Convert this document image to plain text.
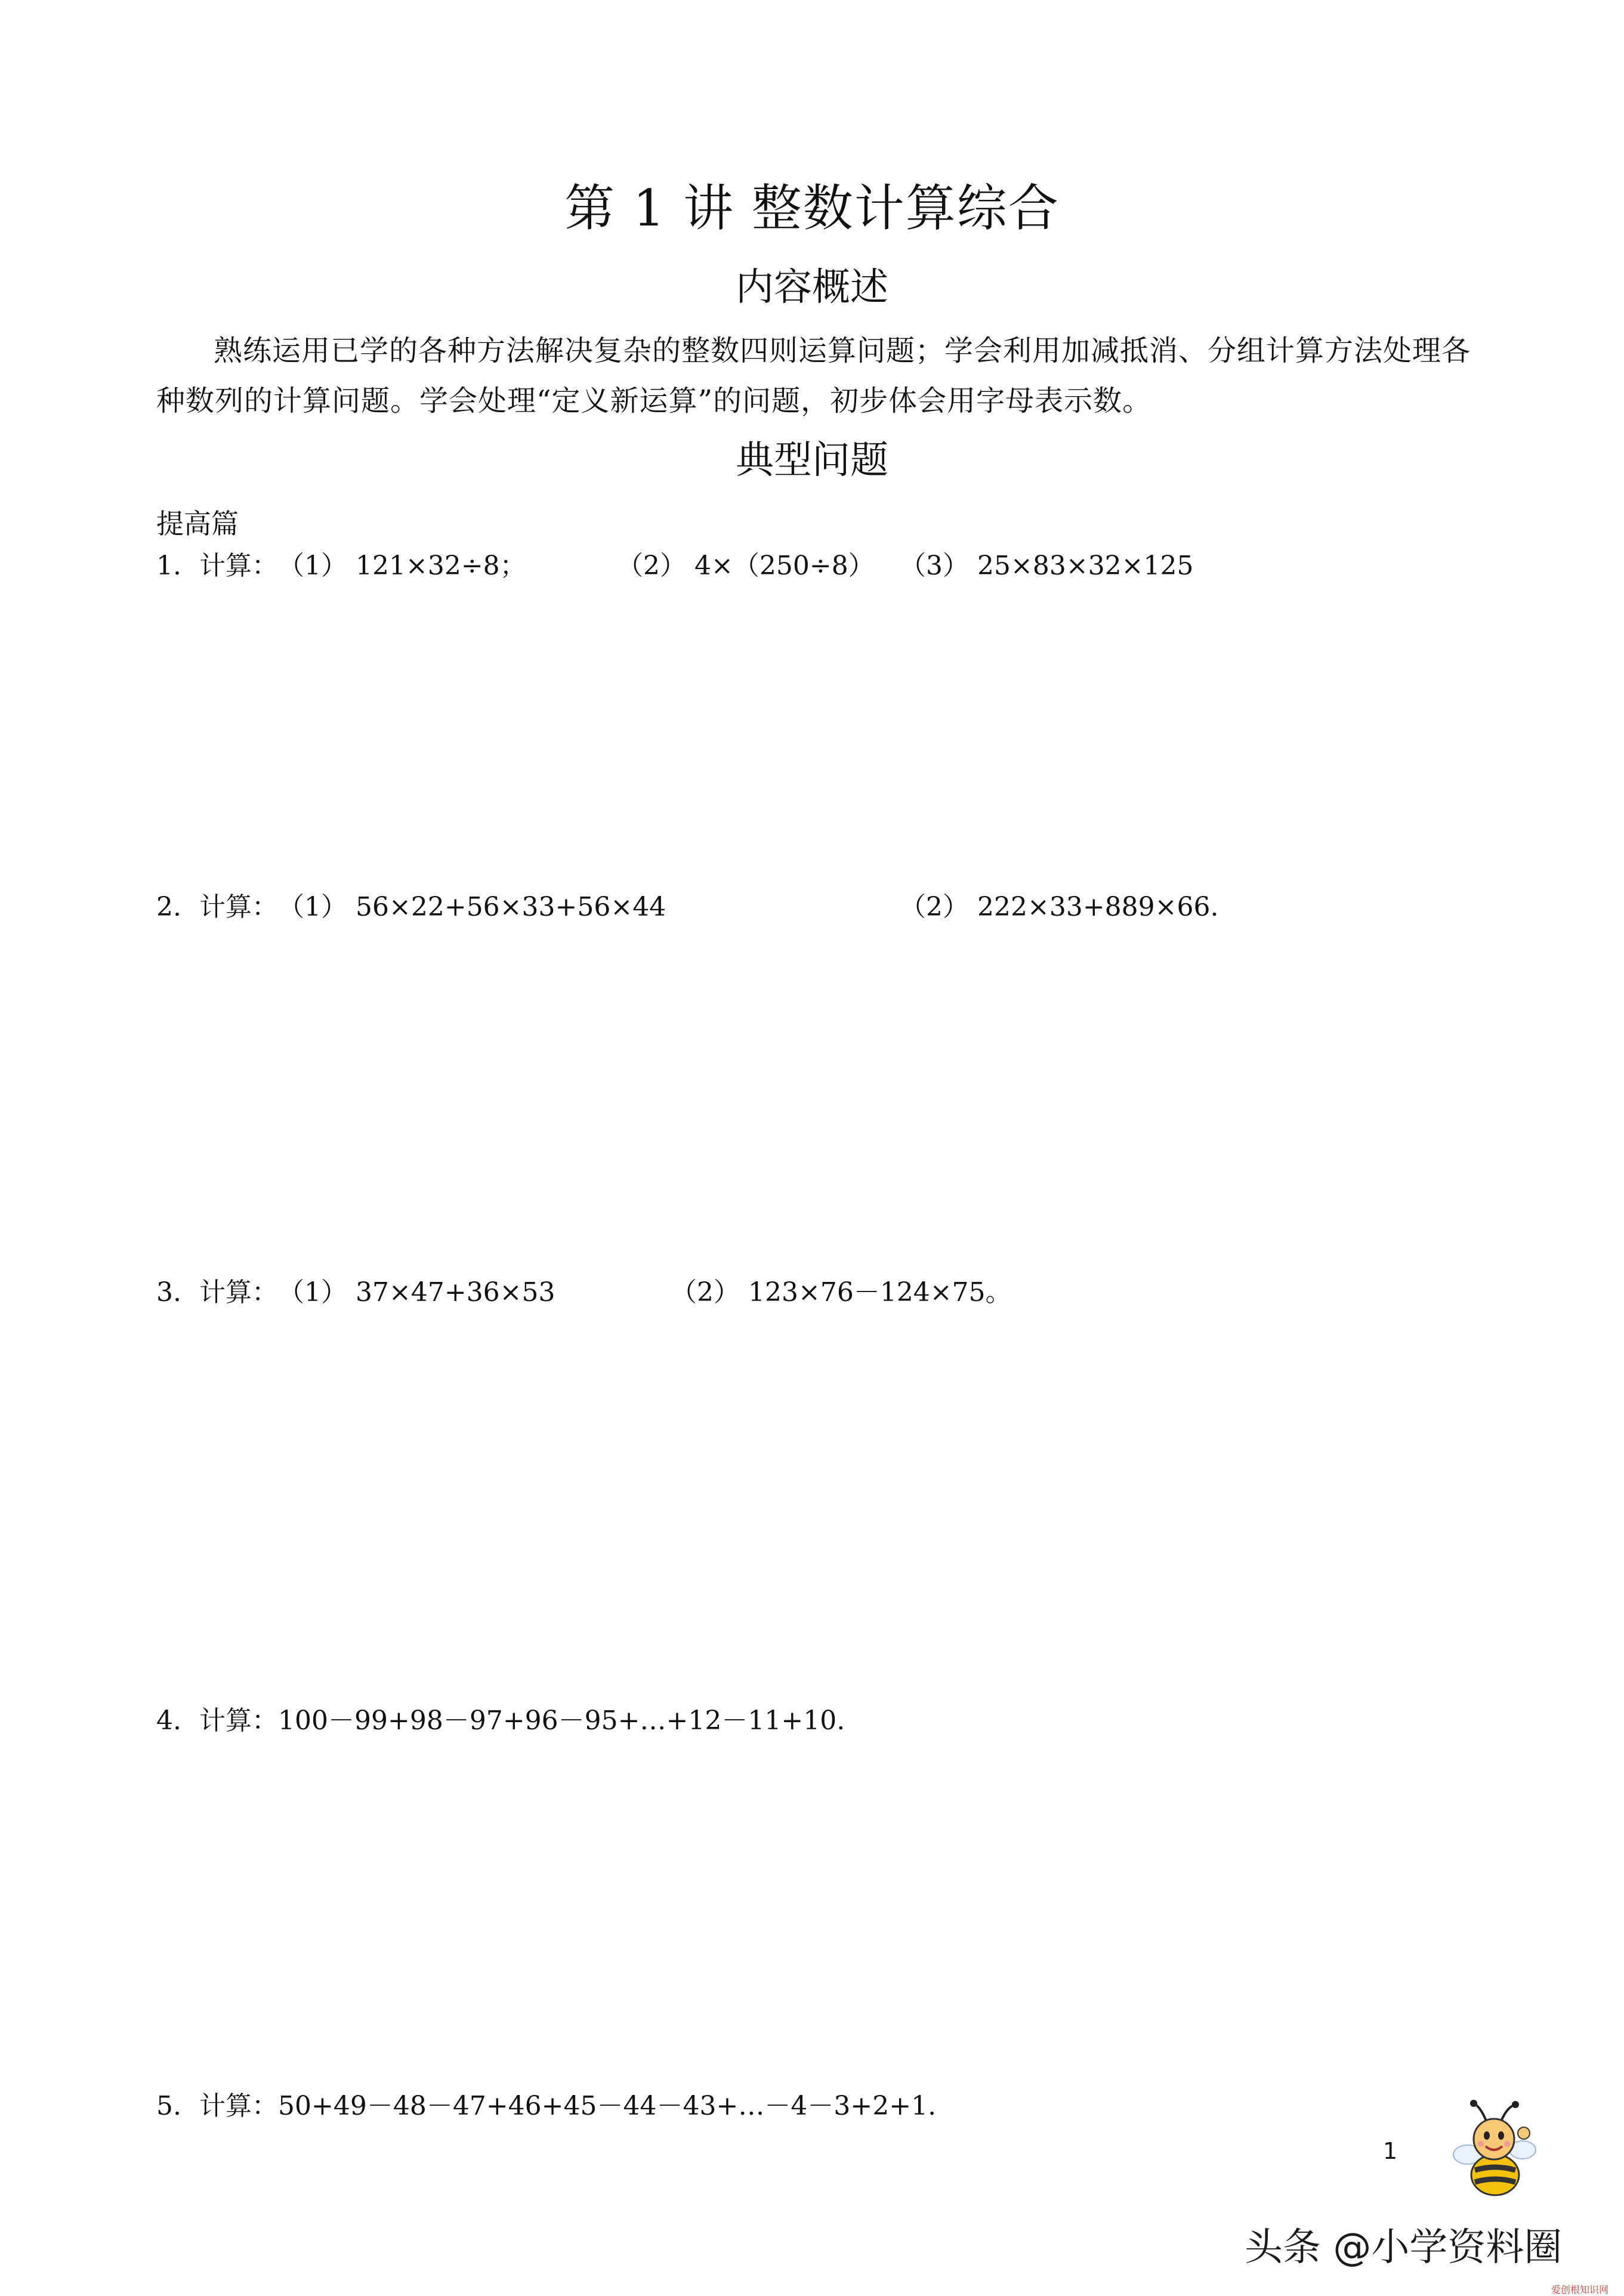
第 1 讲 整数计算综合
内容概述
熟练运用已学的各种方法解决复杂的整数四则运算问题；学会利用加减抵消、分组计算方法处理各种数列的计算问题。学会处理“定义新运算”的问题，初步体会用字母表示数。
典型问题
提高篇
1. 计算：（1） 121×32÷8；	（2） 4×（250÷8） （3） 25×83×32×125
2. 计算：（1） 56×22+56×33+56×44	（2） 222×33+889×66.
3. 计算：（1） 37×47+36×53	（2） 123×76－124×75。
4. 计算：100－99+98－97+96－95+…+12－11+10.
5. 计算：50+49－48－47+46+45－44－43+…－4－3+2+1.
1
头条 @小学资料圈
爱创根知识网
